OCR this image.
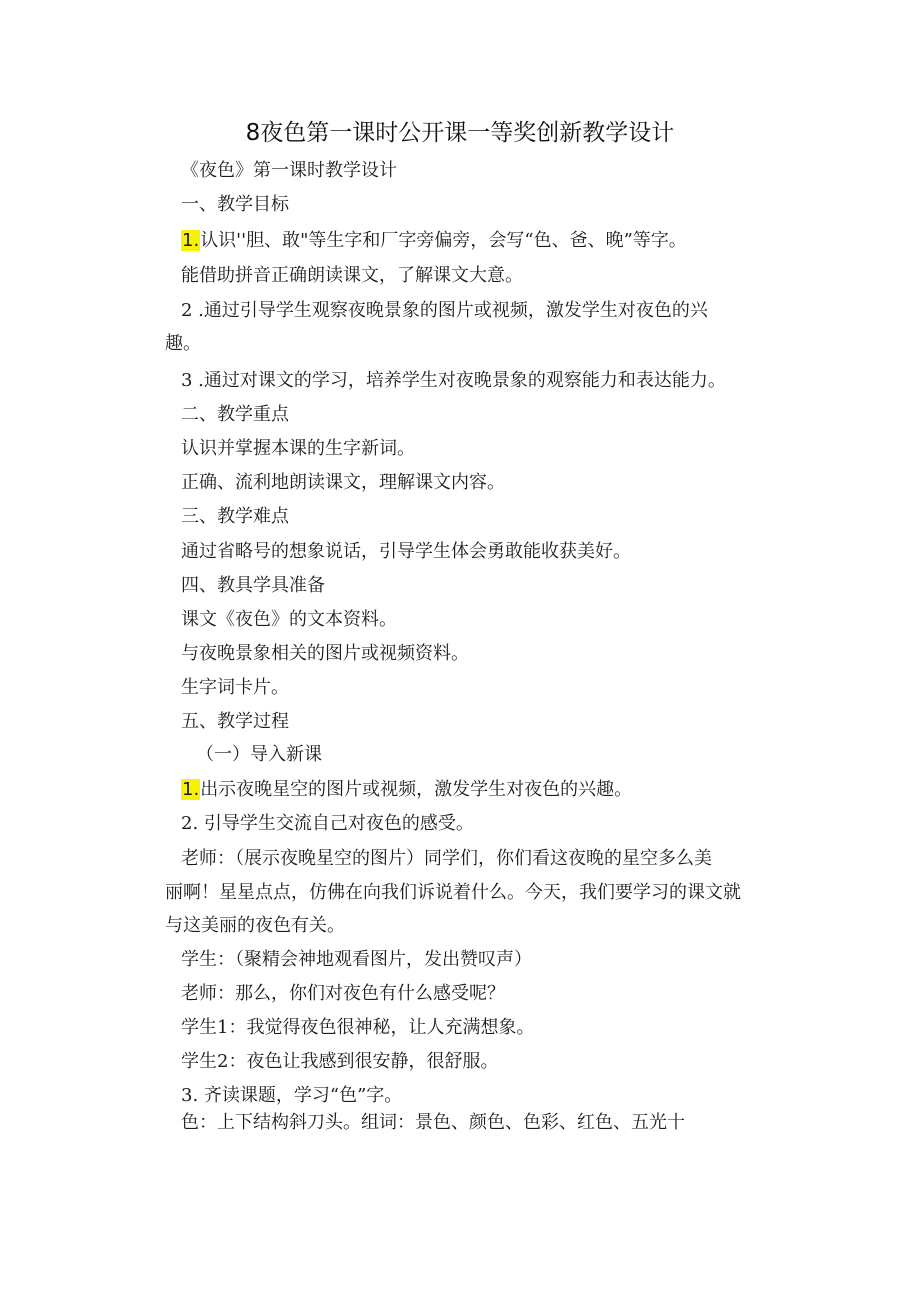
8夜色第一课时公开课一等奖创新教学设计
《夜色》第一课时教学设计
一、教学目标
1.认识''胆、敢"等生字和厂字旁偏旁，会写“色、爸、晚”等字。
能借助拼音正确朗读课文，了解课文大意。
2 .通过引导学生观察夜晚景象的图片或视频，激发学生对夜色的兴
趣。
3 .通过对课文的学习，培养学生对夜晚景象的观察能力和表达能力。
二、教学重点
认识并掌握本课的生字新词。
正确、流利地朗读课文，理解课文内容。
三、教学难点
通过省略号的想象说话，引导学生体会勇敢能收获美好。
四、教具学具准备
课文《夜色》的文本资料。
与夜晚景象相关的图片或视频资料。
生字词卡片。
五、教学过程
（一）导入新课
1.出示夜晚星空的图片或视频，激发学生对夜色的兴趣。
2. 引导学生交流自己对夜色的感受。
老师：（展示夜晚星空的图片）同学们，你们看这夜晚的星空多么美
丽啊！星星点点，仿佛在向我们诉说着什么。今天，我们要学习的课文就
与这美丽的夜色有关。
学生：（聚精会神地观看图片，发出赞叹声）
老师：那么，你们对夜色有什么感受呢？
学生1：我觉得夜色很神秘，让人充满想象。
学生2：夜色让我感到很安静，很舒服。
3. 齐读课题，学习“色”字。
色：上下结构斜刀头。组词：景色、颜色、色彩、红色、五光十
